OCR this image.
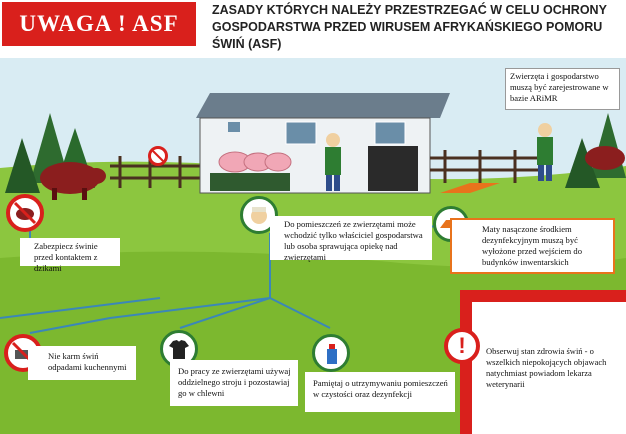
UWAGA ! ASF
ZASADY KTÓRYCH NALEŻY PRZESTRZEGAĆ W CELU OCHRONY
GOSPODARSTWA PRZED WIRUSEM AFRYKAŃSKIEGO POMORU
ŚWIŃ (ASF)
Zwierzęta i gospodarstwo muszą być zarejestrowane w bazie ARiMR
Zabezpiecz świnie przed kontaktem z dzikami
Do pomieszczeń ze zwierzętami może wchodzić tylko właściciel gospodarstwa lub osoba sprawująca opiekę nad zwierzętami
Maty nasączone środkiem dezynfekcyjnym muszą być wyłożone przed wejściem do budynków inwentarskich
Nie karm świń odpadami kuchennymi	Do pracy ze zwierzętami używaj oddzielnego stroju i pozostawiaj go w chlewni
Pamiętaj o utrzymywaniu pomieszczeń w czystości oraz dezynfekcji
!	Obserwuj stan zdrowia świń - o wszelkich niepokojących objawach natychmiast powiadom lekarza weterynarii
